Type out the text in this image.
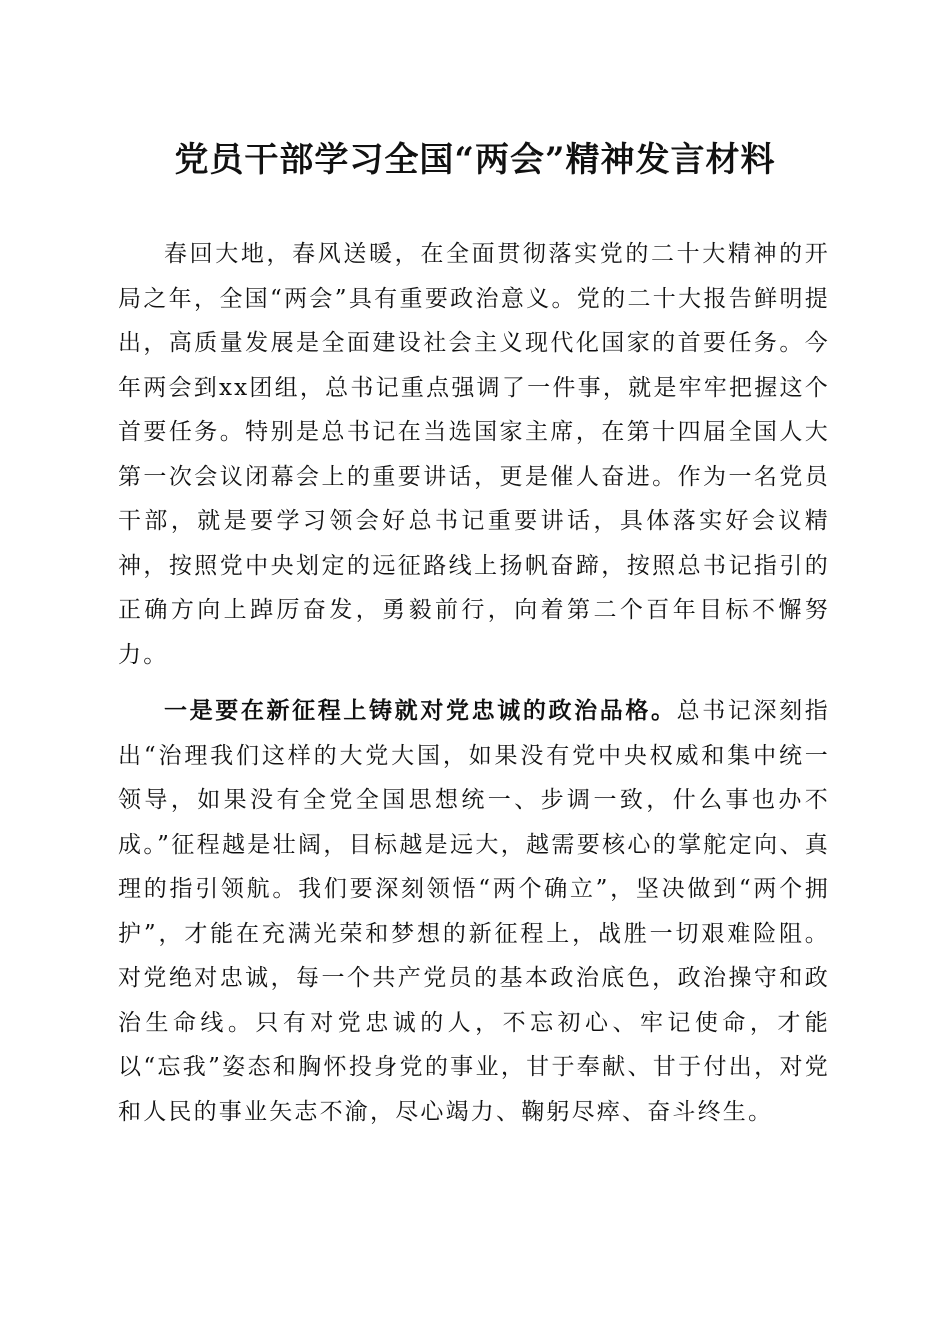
党员干部学习全国“两会”精神发言材料

春回大地，春风送暖，在全面贯彻落实党的二十大精神的开局之年，全国“两会”具有重要政治意义。党的二十大报告鲜明提出，高质量发展是全面建设社会主义现代化国家的首要任务。今年两会到xx团组，总书记重点强调了一件事，就是牢牢把握这个首要任务。特别是总书记在当选国家主席，在第十四届全国人大第一次会议闭幕会上的重要讲话，更是催人奋进。作为一名党员干部，就是要学习领会好总书记重要讲话，具体落实好会议精神，按照党中央划定的远征路线上扬帆奋蹄，按照总书记指引的正确方向上踔厉奋发，勇毅前行，向着第二个百年目标不懈努力。

一是要在新征程上铸就对党忠诚的政治品格。总书记深刻指出“治理我们这样的大党大国，如果没有党中央权威和集中统一领导，如果没有全党全国思想统一、步调一致，什么事也办不成。”征程越是壮阔，目标越是远大，越需要核心的掌舵定向、真理的指引领航。我们要深刻领悟“两个确立”，坚决做到“两个拥护”，才能在充满光荣和梦想的新征程上，战胜一切艰难险阻。对党绝对忠诚，每一个共产党员的基本政治底色，政治操守和政治生命线。只有对党忠诚的人，不忘初心、牢记使命，才能以“忘我”姿态和胸怀投身党的事业，甘于奉献、甘于付出，对党和人民的事业矢志不渝，尽心竭力、鞠躬尽瘁、奋斗终生。
